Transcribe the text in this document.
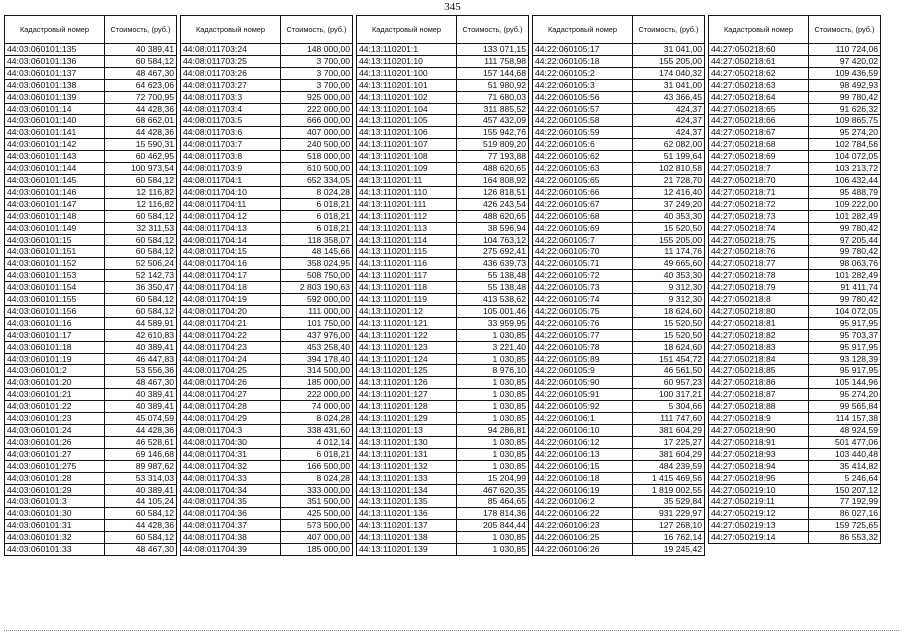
345
Кадастровый номер	Стоимость, (руб.)
44:03:060101:135	40 389,41
44:03:060101:136	60 584,12
44:03:060101:137	48 467,30
44:03:060101:138	64 623,06
44:03:060101:139	72 700,95
44:03:060101:14	44 428,36
44:03:060101:140	68 662,01
44:03:060101:141	44 428,36
44:03:060101:142	15 590,31
44:03:060101:143	60 462,95
44:03:060101:144	100 973,54
44:03:060101:145	60 584,12
44:03:060101:146	12 116,82
44:03:060101:147	12 116,82
44:03:060101:148	60 584,12
44:03:060101:149	32 311,53
44:03:060101:15	60 584,12
44:03:060101:151	60 584,12
44:03:060101:152	52 506,24
44:03:060101:153	52 142,73
44:03:060101:154	36 350,47
44:03:060101:155	60 584,12
44:03:060101:156	60 584,12
44:03:060101:16	44 589,91
44:03:060101:17	42 610,83
44:03:060101:18	40 389,41
44:03:060101:19	46 447,83
44:03:060101:2	53 556,36
44:03:060101:20	48 467,30
44:03:060101:21	40 389,41
44:03:060101:22	40 389,41
44:03:060101:23	45 074,59
44:03:060101:24	44 428,36
44:03:060101:26	46 528,61
44:03:060101:27	69 146,68
44:03:060101:275	89 987,62
44:03:060101:28	53 314,03
44:03:060101:29	40 389,41
44:03:060101:3	44 105,24
44:03:060101:30	60 584,12
44:03:060101:31	44 428,36
44:03:060101:32	60 584,12
44:03:060101:33	48 467,30
Кадастровый номер	Стоимость, (руб.)
44:08:011703:24	148 000,00
44:08:011703:25	3 700,00
44:08:011703:26	3 700,00
44:08:011703:27	3 700,00
44:08:011703:3	925 000,00
44:08:011703:4	222 000,00
44:08:011703:5	666 000,00
44:08:011703:6	407 000,00
44:08:011703:7	240 500,00
44:08:011703:8	518 000,00
44:08:011703:9	610 500,00
44:08:011704:1	652 334,05
44:08:011704:10	8 024,28
44:08:011704:11	6 018,21
44:08:011704:12	6 018,21
44:08:011704:13	6 018,21
44:08:011704:14	118 358,07
44:08:011704:15	48 145,66
44:08:011704:16	358 024,95
44:08:011704:17	508 750,00
44:08:011704:18	2 803 190,63
44:08:011704:19	592 000,00
44:08:011704:20	111 000,00
44:08:011704:21	101 750,00
44:08:011704:22	437 976,00
44:08:011704:23	453 258,40
44:08:011704:24	394 178,40
44:08:011704:25	314 500,00
44:08:011704:26	185 000,00
44:08:011704:27	222 000,00
44:08:011704:28	74 000,00
44:08:011704:29	8 024,28
44:08:011704:3	338 431,60
44:08:011704:30	4 012,14
44:08:011704:31	6 018,21
44:08:011704:32	166 500,00
44:08:011704:33	8 024,28
44:08:011704:34	333 000,00
44:08:011704:35	351 500,00
44:08:011704:36	425 500,00
44:08:011704:37	573 500,00
44:08:011704:38	407 000,00
44:08:011704:39	185 000,00
Кадастровый номер	Стоимость, (руб.)
44:13:110201:1	133 071,15
44:13:110201:10	111 758,98
44:13:110201:100	157 144,68
44:13:110201:101	51 980,92
44:13:110201:102	71 680,03
44:13:110201:104	311 885,52
44:13:110201:105	457 432,09
44:13:110201:106	155 942,76
44:13:110201:107	519 809,20
44:13:110201:108	77 193,88
44:13:110201:109	488 620,65
44:13:110201:11	164 808,92
44:13:110201:110	126 818,51
44:13:110201:111	426 243,54
44:13:110201:112	488 620,65
44:13:110201:113	38 596,94
44:13:110201:114	104 763,12
44:13:110201:115	275 692,41
44:13:110201:116	436 639,73
44:13:110201:117	55 138,48
44:13:110201:118	55 138,48
44:13:110201:119	413 538,62
44:13:110201:12	105 001,46
44:13:110201:121	33 959,95
44:13:110201:122	1 030,85
44:13:110201:123	3 221,40
44:13:110201:124	1 030,85
44:13:110201:125	8 976,10
44:13:110201:126	1 030,85
44:13:110201:127	1 030,85
44:13:110201:128	1 030,85
44:13:110201:129	1 030,85
44:13:110201:13	94 286,81
44:13:110201:130	1 030,85
44:13:110201:131	1 030,85
44:13:110201:132	1 030,85
44:13:110201:133	15 204,99
44:13:110201:134	467 620,35
44:13:110201:135	85 464,65
44:13:110201:136	178 814,36
44:13:110201:137	205 844,44
44:13:110201:138	1 030,85
44:13:110201:139	1 030,85
Кадастровый номер	Стоимость, (руб.)
44:22:060105:17	31 041,00
44:22:060105:18	155 205,00
44:22:060105:2	174 040,32
44:22:060105:3	31 041,00
44:22:060105:56	43 366,45
44:22:060105:57	424,37
44:22:060105:58	424,37
44:22:060105:59	424,37
44:22:060105:6	62 082,00
44:22:060105:62	51 199,64
44:22:060105:63	102 810,58
44:22:060105:65	21 728,70
44:22:060105:66	12 416,40
44:22:060105:67	37 249,20
44:22:060105:68	40 353,30
44:22:060105:69	15 520,50
44:22:060105:7	155 205,00
44:22:060105:70	11 174,76
44:22:060105:71	49 665,60
44:22:060105:72	40 353,30
44:22:060105:73	9 312,30
44:22:060105:74	9 312,30
44:22:060105:75	18 624,60
44:22:060105:76	15 520,50
44:22:060105:77	15 520,50
44:22:060105:78	18 624,60
44:22:060105:89	151 454,72
44:22:060105:9	46 561,50
44:22:060105:90	60 957,23
44:22:060105:91	100 317,21
44:22:060105:92	5 304,66
44:22:060106:1	111 747,60
44:22:060106:10	381 604,29
44:22:060106:12	17 225,27
44:22:060106:13	381 604,29
44:22:060106:15	484 239,59
44:22:060106:18	1 415 469,56
44:22:060106:19	1 819 002,55
44:22:060106:2	35 529,84
44:22:060106:22	931 229,97
44:22:060106:23	127 268,10
44:22:060106:25	16 762,14
44:22:060106:26	19 245,42
Кадастровый номер	Стоимость, (руб.)
44:27:050218:60	110 724,06
44:27:050218:61	97 420,02
44:27:050218:62	109 436,59
44:27:050218:63	98 492,93
44:27:050218:64	99 780,42
44:27:050218:65	91 626,32
44:27:050218:66	109 865,75
44:27:050218:67	95 274,20
44:27:050218:68	102 784,56
44:27:050218:69	104 072,05
44:27:050218:7	103 213,72
44:27:050218:70	106 432,44
44:27:050218:71	95 488,79
44:27:050218:72	109 222,00
44:27:050218:73	101 282,49
44:27:050218:74	99 780,42
44:27:050218:75	97 205,44
44:27:050218:76	99 780,42
44:27:050218:77	98 063,76
44:27:050218:78	101 282,49
44:27:050218:79	91 411,74
44:27:050218:8	99 780,42
44:27:050218:80	104 072,05
44:27:050218:81	95 917,95
44:27:050218:82	95 703,37
44:27:050218:83	95 917,95
44:27:050218:84	93 128,39
44:27:050218:85	95 917,95
44:27:050218:86	105 144,96
44:27:050218:87	95 274,20
44:27:050218:88	99 565,84
44:27:050218:9	114 157,38
44:27:050218:90	48 924,59
44:27:050218:91	501 477,06
44:27:050218:93	103 440,48
44:27:050218:94	35 414,82
44:27:050218:95	5 246,64
44:27:050219:10	150 207,12
44:27:050219:11	77 192,99
44:27:050219:12	86 027,16
44:27:050219:13	159 725,65
44:27:050219:14	86 553,32
